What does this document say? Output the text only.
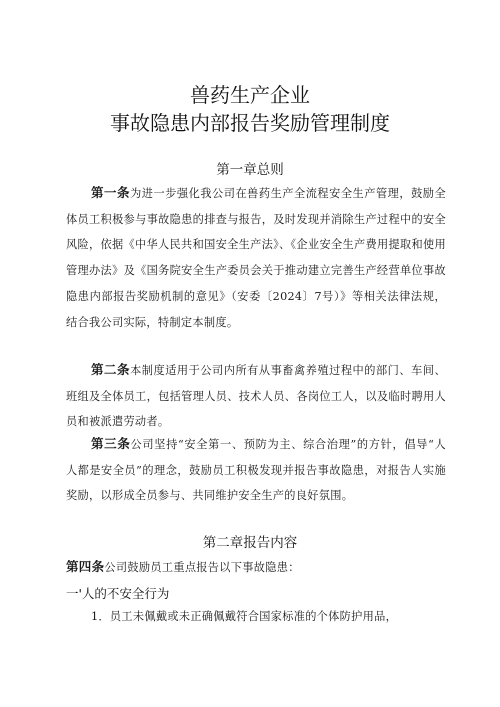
兽药生产企业
事故隐患内部报告奖励管理制度
第一章总则

第一条为进一步强化我公司在兽药生产全流程安全生产管理，鼓励全体员工积极参与事故隐患的排查与报告，及时发现并消除生产过程中的安全风险，依据《中华人民共和国安全生产法》、《企业安全生产费用提取和使用管理办法》及《国务院安全生产委员会关于推动建立完善生产经营单位事故隐患内部报告奖励机制的意见》（安委〔2024〕7号）》等相关法律法规，结合我公司实际，特制定本制度。

第二条本制度适用于公司内所有从事畜禽养殖过程中的部门、车间、班组及全体员工，包括管理人员、技术人员、各岗位工人，以及临时聘用人员和被派遣劳动者。

第三条公司坚持“安全第一、预防为主、综合治理”的方针，倡导“人人都是安全员”的理念，鼓励员工积极发现并报告事故隐患，对报告人实施奖励，以形成全员参与、共同维护安全生产的良好氛围。

第二章报告内容

第四条公司鼓励员工重点报告以下事故隐患：

一'人的不安全行为

1．员工未佩戴或未正确佩戴符合国家标准的个体防护用品，
